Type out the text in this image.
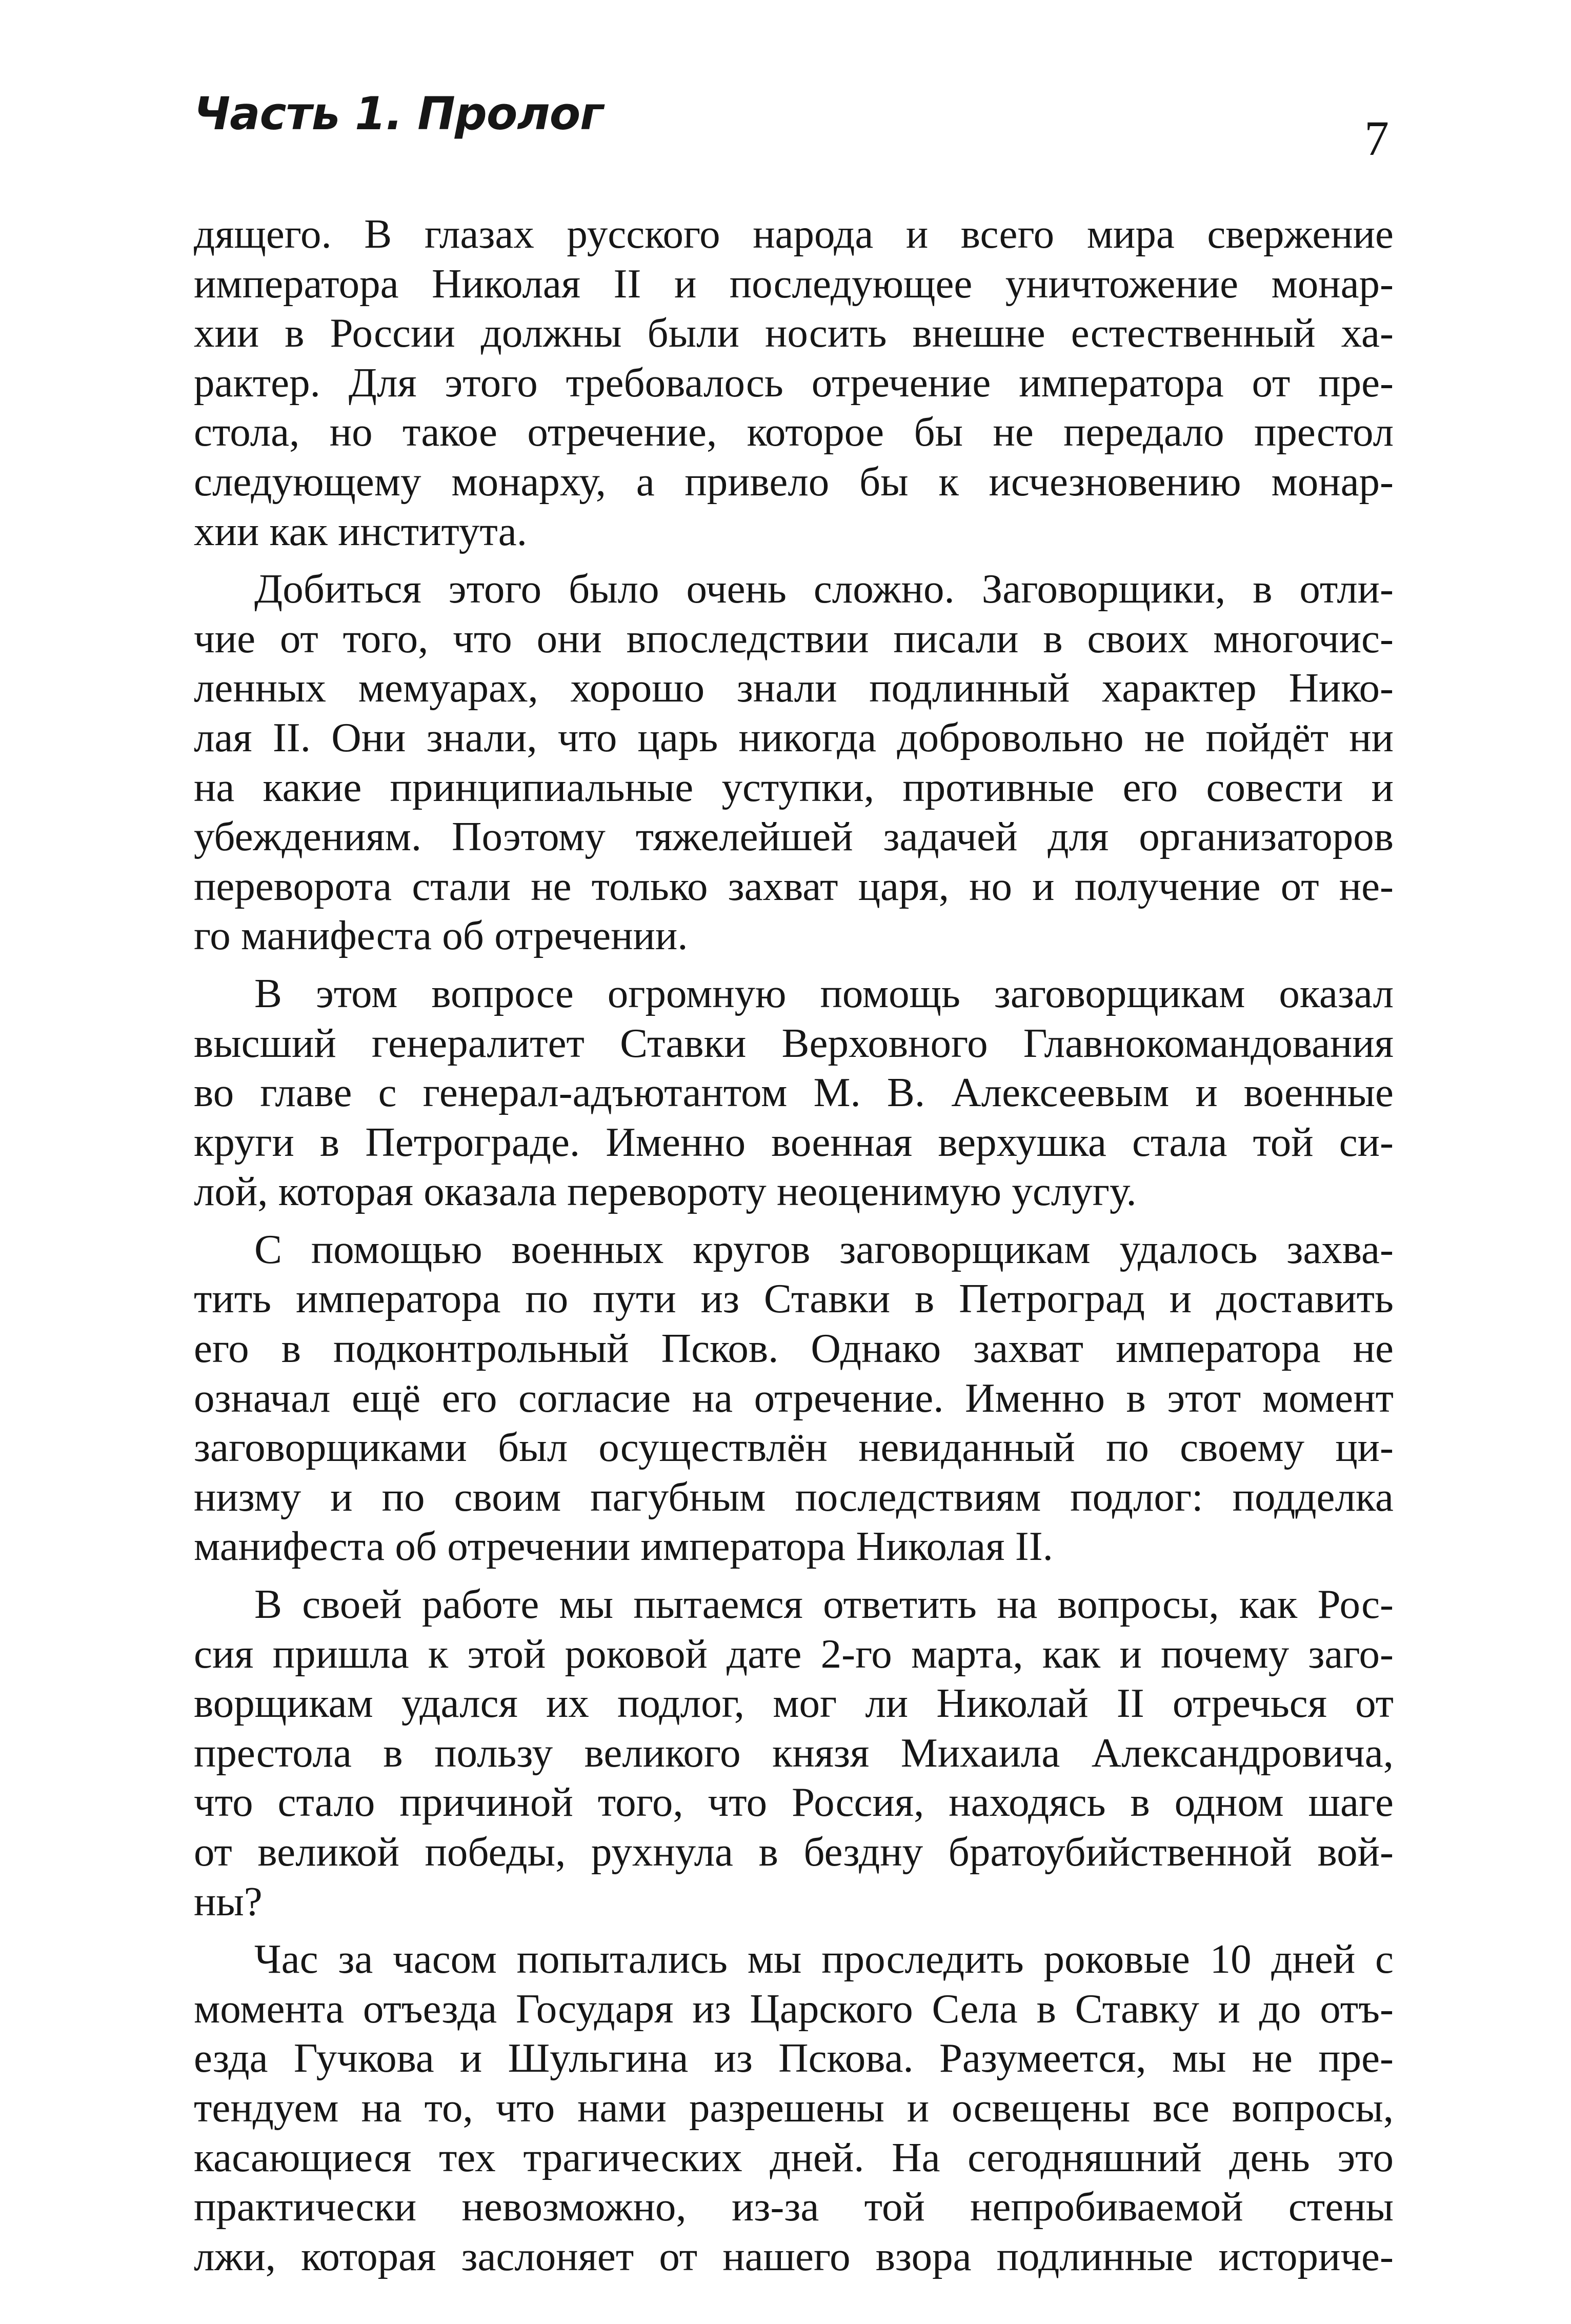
Часть 1. Пролог	7

дящего. В глазах русского народа и всего мира свержение
императора Николая II и последующее уничтожение монар-
хии в России должны были носить внешне естественный ха-
рактер. Для этого требовалось отречение императора от пре-
стола, но такое отречение, которое бы не передало престол
следующему монарху, а привело бы к исчезновению монар-
хии как института.

Добиться этого было очень сложно. Заговорщики, в отли-
чие от того, что они впоследствии писали в своих многочис-
ленных мемуарах, хорошо знали подлинный характер Нико-
лая II. Они знали, что царь никогда добровольно не пойдёт ни
на какие принципиальные уступки, противные его совести и
убеждениям. Поэтому тяжелейшей задачей для организаторов
переворота стали не только захват царя, но и получение от не-
го манифеста об отречении.

В этом вопросе огромную помощь заговорщикам оказал
высший генералитет Ставки Верховного Главнокомандования
во главе с генерал-адъютантом М. В. Алексеевым и военные
круги в Петрограде. Именно военная верхушка стала той си-
лой, которая оказала перевороту неоценимую услугу.

С помощью военных кругов заговорщикам удалось захва-
тить императора по пути из Ставки в Петроград и доставить
его в подконтрольный Псков. Однако захват императора не
означал ещё его согласие на отречение. Именно в этот момент
заговорщиками был осуществлён невиданный по своему ци-
низму и по своим пагубным последствиям подлог: подделка
манифеста об отречении императора Николая II.

В своей работе мы пытаемся ответить на вопросы, как Рос-
сия пришла к этой роковой дате 2-го марта, как и почему заго-
ворщикам удался их подлог, мог ли Николай II отречься от
престола в пользу великого князя Михаила Александровича,
что стало причиной того, что Россия, находясь в одном шаге
от великой победы, рухнула в бездну братоубийственной вой-
ны?

Час за часом попытались мы проследить роковые 10 дней с
момента отъезда Государя из Царского Села в Ставку и до отъ-
езда Гучкова и Шульгина из Пскова. Разумеется, мы не пре-
тендуем на то, что нами разрешены и освещены все вопросы,
касающиеся тех трагических дней. На сегодняшний день это
практически невозможно, из-за той непробиваемой стены
лжи, которая заслоняет от нашего взора подлинные историче-
